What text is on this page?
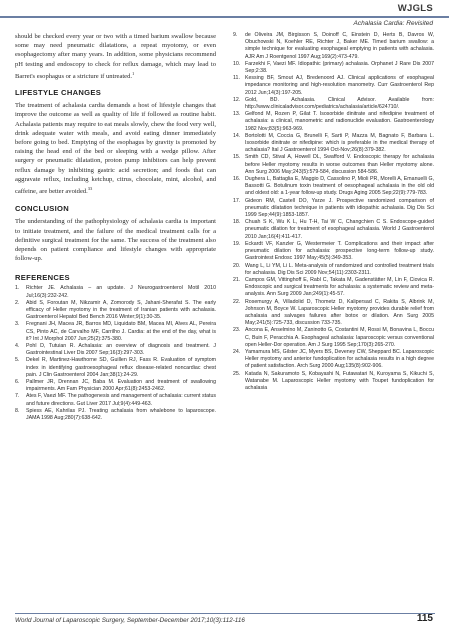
WJGLS
Achalasia Cardia: Revisited

should be checked every year or two with a timed barium swallow because some may need pneumatic dilatations, a repeat myotomy, or even esophagectomy after many years. In addition, some physicians recommend pH testing and endoscopy to check for reflux damage, which may lead to Barret's esophagus or a stricture if untreated.$^1$

LIFESTYLE CHANGES

The treatment of achalasia cardia demands a host of lifestyle changes that improve the outcome as well as quality of life if followed as routine habit. Achalasia patients may require to eat meals slowly, chew the food very well, drink adequate water with meals, and avoid eating dinner immediately before going to bed. Emptying of the esophagus by gravity is promoted by raising the head end of the bed or sleeping with a wedge pillow. After surgery or pneumatic dilatation, proton pump inhibitors can help prevent reflux damage by inhibiting gastric acid secretion; and foods that can aggravate reflux, including ketchup, citrus, chocolate, mint, alcohol, and caffeine, are better avoided.$^{33}$

CONCLUSION

The understanding of the pathophysiology of achalasia cardia is important to initiate treatment, and the failure of the medical treatment calls for a definitive surgical treatment for the same. The success of the treatment also depends on patient compliance and lifestyle changes with appropriate follow-up.

REFERENCES
1. Richter JE. Achalasia – an update. J Neurogastroenterol Motil 2010 Jul;16(3):232-242.
2. Abid S, Foroutan M, Nikzamir A, Zomorody S, Jahani-Sherafat S. The early efficacy of Heller myotomy in the treatment of Iranian patients with achalasia. Gastroenterol Hepatol Bed Bench 2016 Winter;9(1):30-35.
3. Fregnani JH, Macea JR, Barros MD, Liquidato BM, Macea MI, Alves AL, Pereira CS, Pinto AC, de Carvalho MF, Carrilho J. Cardia: at the end of the day, what is it? Int J Morphol 2007 Jun;25(2):375-380.
4. Pohl D, Tutuian R. Achalasia: an overview of diagnosis and treatment. J Gastrointestinal Liver Dis 2007 Sep;16(3):297-303.
5. Dekel R, Martinez-Hawthorne SD, Guillen RJ, Fass R. Evaluation of symptom index in identifying gastroesophageal reflux disease-related noncardiac chest pain. J Clin Gastroenterol 2004 Jan;38(1):24-29.
6. Pallmer JR, Drennan JC, Baba M. Evaluation and treatment of swallowing impairments. Am Fam Physician 2000 Apr;61(8):2453-2462.
7. Ates F, Vaezi MF. The pathogenesis and management of achalasia: current status and future directions. Gut Liver 2017 Jul;9(4):449-463.
8. Spiess AE, Kahrilas PJ. Treating achalasia from whalebone to laparoscope. JAMA 1998 Aug;280(7):638-642.
9. de Oliveira JM, Birgisson S, Doinoff C, Einstein D, Herts B, Davros W, Obuchowski N, Koehler RE, Richter J, Baker ME. Timed barium swallow: a simple technique for evaluating esophageal emptying in patients with achalasia. AJR Am J Roentgenol 1997 Aug;169(2):473-479.
10. Farzekhi F, Vaezi MF. Idiopathic (primary) achalasia. Orphanet J Rare Dis 2007 Sep;2:38.
11. Kessing BF, Smout AJ, Bredenoord AJ. Clinical applications of esophageal impedance monitoring and high-resolution manometry. Curr Gastroenterol Rep 2012 Jun;14(3):197-205.
12. Gold, BD. Achalasia. Clinical Advisor. Available from: http://www.clinicaladvisor.com/pediatrics/achalasia/article/624710/.
13. Gelfond M, Rozen P, Gilat T. Isosorbide dinitrate and nifedipine treatment of achalasia: a clinical, manometric and radionuclide evaluation. Gastroenterology 1982 Nov;83(5):963-969.
14. Bortolotti M, Coccia G, Brunelli F, Sarti P, Mazza M, Bagnato F, Barbara L. Isosorbide dinitrate or nifedipine: which is preferable in the medical therapy of achalasia? Ital J Gastroenterol 1994 Oct-Nov;26(8):379-382.
15. Smith CD, Stival A, Howell DL, Swafford V. Endoscopic therapy for achalasia before Heller myotomy results in worse outcomes than Heller myotomy alone. Ann Surg 2006 May;243(5):579-584, discussion 584-586.
16. Dughera L, Battaglia E, Maggio D, Cassolino P, Mioli PR, Morelli A, Emanuelli G, Bassotti G. Botulinum toxin treatment of oesophageal achalasia in the old old and oldest old: a 1-year follow-up study. Drugs Aging 2005 Sep;22(9):779-783.
17. Gideon RM, Castell DO, Yarze J. Prospective randomized comparison of pneumatic dilatation technique in patients with idiopathic achalasia. Dig Dis Sci 1999 Sep;44(9):1853-1857.
18. Chuah S K, Wu K L, Hu T-H, Tai W C, Changchien C S. Endoscope-guided pneumatic dilation for treatment of esophageal achalasia. World J Gastroenterol 2010 Jan;16(4):411-417.
19. Eckardt VF, Kanzler G, Westermeier T. Complications and their impact after pneumatic dilation for achalasia: prospective long-term follow-up study. Gastrointest Endosc 1997 May;45(5):349-353.
20. Wang L, Li YM, Li L. Meta-analysis of randomized and controlled treatment trials for achalasia. Dig Dis Sci 2009 Nov;54(11):2303-2311.
21. Campos GM, Vittinghoff E, Rabl C, Takata M, Gadenstätter M, Lin F, Ciovica R. Endoscopic and surgical treatments for achalasia: a systematic review and meta-analysis. Ann Surg 2009 Jan;249(1):45-57.
22. Rosemurgy A, Villadolid D, Thometz D, Kalipersad C, Rakita S, Albrink M, Johnson M, Boyce W. Laparoscopic Heller myotomy provides durable relief from achalasia and salvages failures after botox or dilation. Ann Surg 2005 May;241(5):725-733, discussion 733-735.
23. Ancona E, Anselmino M, Zaninotto G, Costantini M, Rossi M, Bonavina L, Boccu C, Buin F, Peracchia A. Esophageal achalasia: laparoscopic versus conventional open Heller-Dor operation. Am J Surg 1995 Sep;170(3):265-270.
24. Yamamura MS, Gilster JC, Myers BS, Deveney CW, Sheppard BC. Laparoscopic Heller myotomy and anterior fundoplication for achalasia results in a high degree of patient satisfaction. Arch Surg 2000 Aug;135(8):902-906.
25. Katada N, Sakuramoto S, Kobayashi N, Futawatari N, Kuroyama S, Kikuchi S, Watanabe M. Laparoscopic Heller myotomy with Toupet fundoplication for achalasia
World Journal of Laparoscopic Surgery, September-December 2017;10(3):112-116	115
